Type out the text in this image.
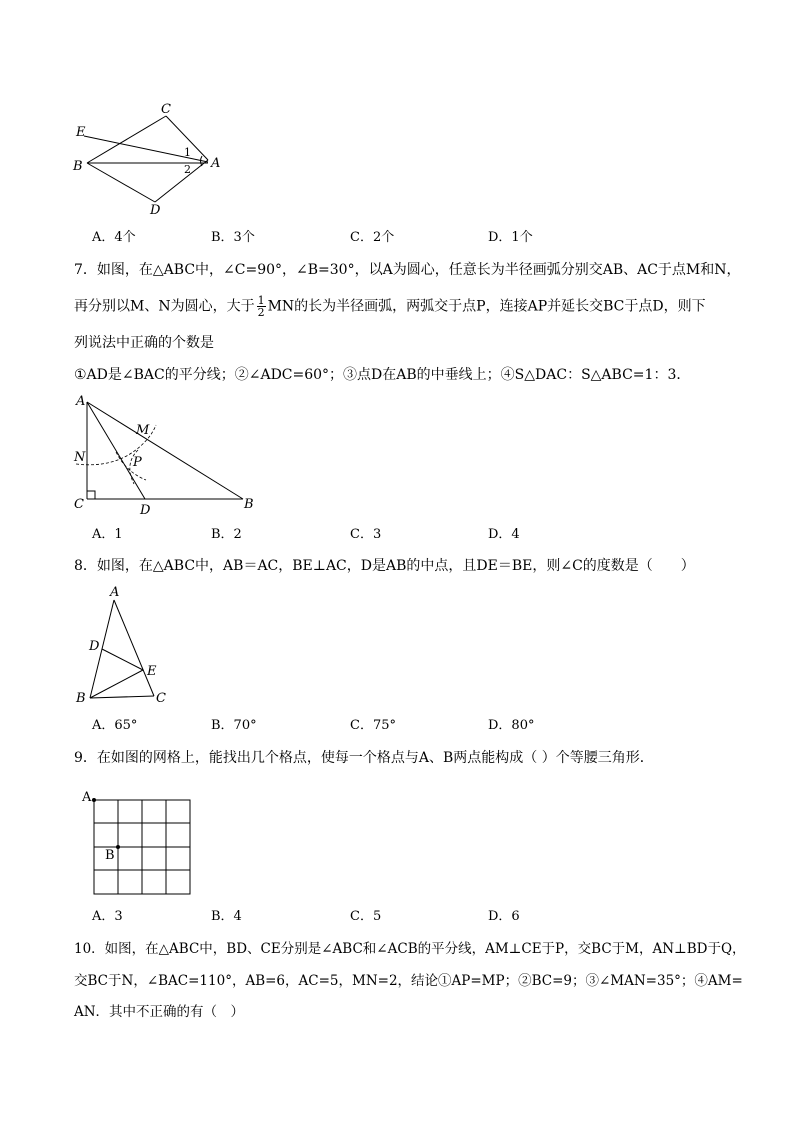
C
E
B	A
D
1
2
A．4个	B．3个	C．2个	D．1个
7．如图，在△ABC中，∠C=90°，∠B=30°，以A为圆心，任意长为半径画弧分别交AB、AC于点M和N，
再分别以M、N为圆心，大于 $\frac{1}{2}$ MN的长为半径画弧，两弧交于点P，连接AP并延长交BC于点D，则下
列说法中正确的个数是
①AD是∠BAC的平分线；②∠ADC=60°；③点D在AB的中垂线上；④S△DAC：S△ABC=1：3．
A
M
N	P
C	D	B
A．1	B．2	C．3	D．4
8．如图，在△ABC中，AB＝AC，BE⊥AC，D是AB的中点，且DE＝BE，则∠C的度数是（　　）
A
D
E
B	C
A．65°	B．70°	C．75°	D．80°
9．在如图的网格上，能找出几个格点，使每一个格点与A、B两点能构成（ ）个等腰三角形．
A
B
A．3	B．4	C．5	D．6
10．如图，在△ABC中，BD、CE分别是∠ABC和∠ACB的平分线，AM⊥CE于P，交BC于M，AN⊥BD于Q，
交BC于N，∠BAC=110°，AB=6，AC=5，MN=2，结论①AP=MP；②BC=9；③∠MAN=35°；④AM=
AN．其中不正确的有（　）
